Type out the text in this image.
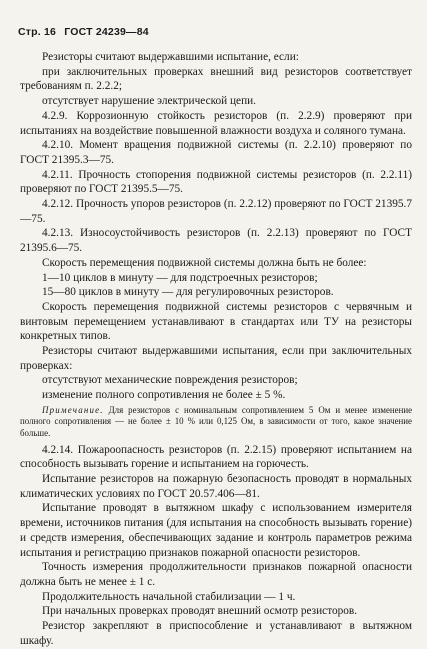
Стр. 16 ГОСТ 24239—84
Резисторы считают выдержавшими испытание, если:
при заключительных проверках внешний вид резисторов соответствует требованиям п. 2.2.2;
отсутствует нарушение электрической цепи.
4.2.9. Коррозионную стойкость резисторов (п. 2.2.9) проверяют при испытаниях на воздействие повышенной влажности воздуха и соляного тумана.
4.2.10. Момент вращения подвижной системы (п. 2.2.10) проверяют по ГОСТ 21395.3—75.
4.2.11. Прочность стопорения подвижной системы резисторов (п. 2.2.11) проверяют по ГОСТ 21395.5—75.
4.2.12. Прочность упоров резисторов (п. 2.2.12) проверяют по ГОСТ 21395.7—75.
4.2.13. Износоустойчивость резисторов (п. 2.2.13) проверяют по ГОСТ 21395.6—75.
Скорость перемещения подвижной системы должна быть не более:
1—10 циклов в минуту — для подстроечных резисторов;
15—80 циклов в минуту — для регулировочных резисторов.
Скорость перемещения подвижной системы резисторов с червячным и винтовым перемещением устанавливают в стандартах или ТУ на резисторы конкретных типов.
Резисторы считают выдержавшими испытания, если при заключительных проверках:
отсутствуют механические повреждения резисторов;
изменение полного сопротивления не более ± 5 %.
Примечание. Для резисторов с номинальным сопротивлением 5 Ом и менее изменение полного сопротивления — не более ± 10 % или 0,125 Ом, в зависимости от того, какое значение больше.
4.2.14. Пожароопасность резисторов (п. 2.2.15) проверяют испытанием на способность вызывать горение и испытанием на горючесть.
Испытание резисторов на пожарную безопасность проводят в нормальных климатических условиях по ГОСТ 20.57.406—81.
Испытание проводят в вытяжном шкафу с использованием измерителя времени, источников питания (для испытания на способность вызывать горение) и средств измерения, обеспечивающих задание и контроль параметров режима испытания и регистрацию признаков пожарной опасности резисторов.
Точность измерения продолжительности признаков пожарной опасности должна быть не менее ± 1 с.
Продолжительность начальной стабилизации — 1 ч.
При начальных проверках проводят внешний осмотр резисторов.
Резистор закрепляют в приспособление и устанавливают в вытяжном шкафу.
